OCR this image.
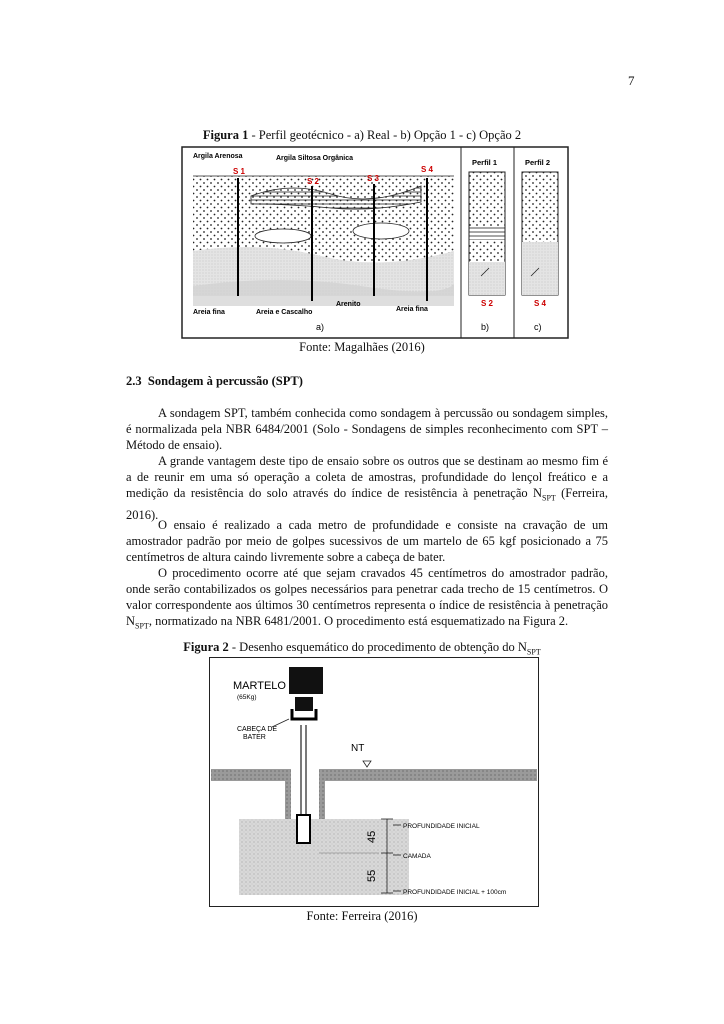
7
Figura 1 - Perfil geotécnico - a) Real - b) Opção 1 - c) Opção 2
Argila Arenosa	Argila Siltosa Orgânica
S 1
S 2	S 3
S 4
Arenito
Areia fina	Areia e Cascalho	Areia fina
a)
Perfil 1
S 2
b)
Perfil 2
S 4
c)
Fonte: Magalhães (2016)
2.3 Sondagem à percussão (SPT)

A sondagem SPT, também conhecida como sondagem à percussão ou sondagem simples, é normalizada pela NBR 6484/2001 (Solo - Sondagens de simples reconhecimento com SPT – Método de ensaio).

A grande vantagem deste tipo de ensaio sobre os outros que se destinam ao mesmo fim é a de reunir em uma só operação a coleta de amostras, profundidade do lençol freático e a medição da resistência do solo através do índice de resistência à penetração $N_{SPT}$ (Ferreira, 2016).

O ensaio é realizado a cada metro de profundidade e consiste na cravação de um amostrador padrão por meio de golpes sucessivos de um martelo de 65 kgf posicionado a 75 centímetros de altura caindo livremente sobre a cabeça de bater.

O procedimento ocorre até que sejam cravados 45 centímetros do amostrador padrão, onde serão contabilizados os golpes necessários para penetrar cada trecho de 15 centímetros. O valor correspondente aos últimos 30 centímetros representa o índice de resistência à penetração $N_{SPT}$, normatizado na NBR 6481/2001. O procedimento está esquematizado na Figura 2.

Figura 2 - Desenho esquemático do procedimento de obtenção do $N_{SPT}$
MARTELO
(65Kg)
CABEÇA DE
BATER
NT
45
55
PROFUNDIDADE INICIAL
CAMADA
PROFUNDIDADE INICIAL + 100cm
Fonte: Ferreira (2016)
